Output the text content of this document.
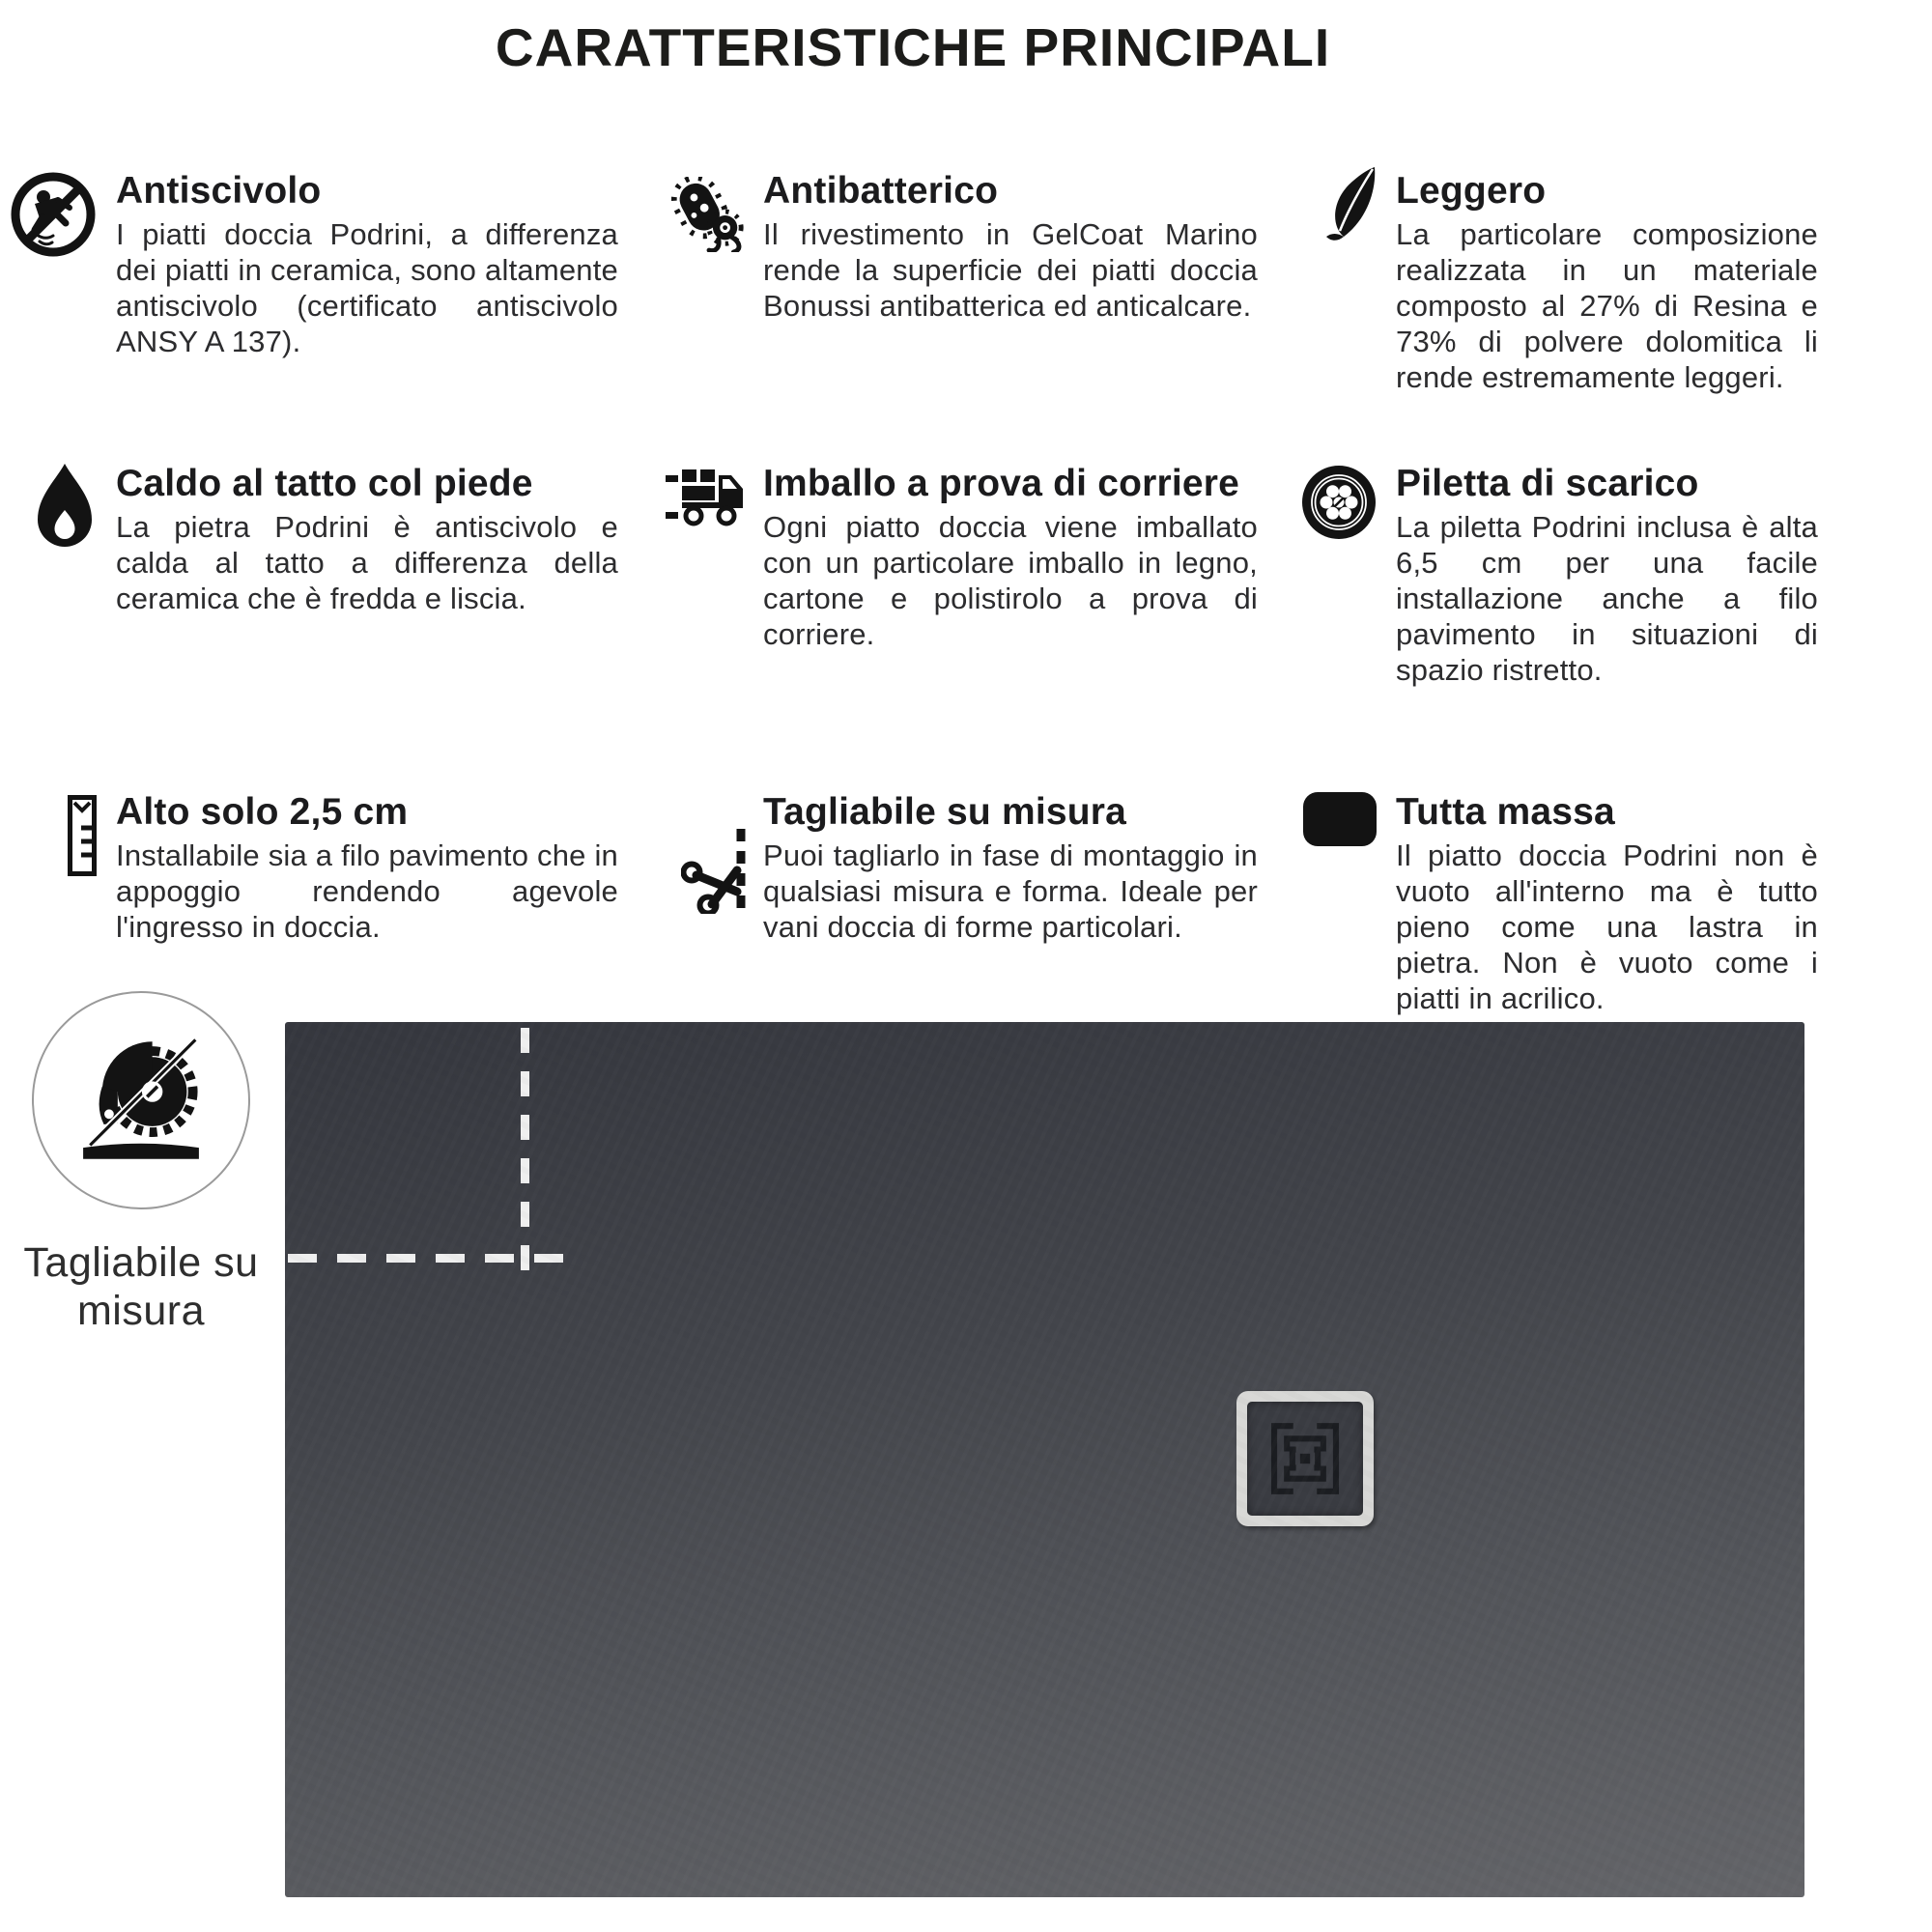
CARATTERISTICHE PRINCIPALI
Antiscivolo

I piatti doccia Podrini, a differenza dei piatti in ceramica, sono altamente antiscivolo (certificato antiscivolo ANSY A 137).

Antibatterico

Il rivestimento in GelCoat Marino rende la superficie dei piatti doccia Bonussi antibatterica ed anticalcare.

Leggero

La particolare composizione realizzata in un materiale composto al 27% di Resina e 73% di polvere dolomitica li rende estremamente leggeri.

Caldo al tatto col piede

La pietra Podrini è antiscivolo e calda al tatto a differenza della ceramica che è fredda e liscia.

Imballo a prova di corriere

Ogni piatto doccia viene imballato con un particolare imballo in legno, cartone e polistirolo a prova di corriere.

Piletta di scarico

La piletta Podrini inclusa è alta 6,5 cm per una facile installazione anche a filo pavimento in situazioni di spazio ristretto.

Alto solo 2,5 cm

Installabile sia a filo pavimento che in appoggio rendendo agevole l'ingresso in doccia.

Tagliabile su misura

Puoi tagliarlo in fase di montaggio in qualsiasi misura e forma. Ideale per vani doccia di forme particolari.

Tutta massa

Il piatto doccia Podrini non è vuoto all'interno ma è tutto pieno come una lastra in pietra. Non è vuoto come i piatti in acrilico.

Tagliabile su misura
